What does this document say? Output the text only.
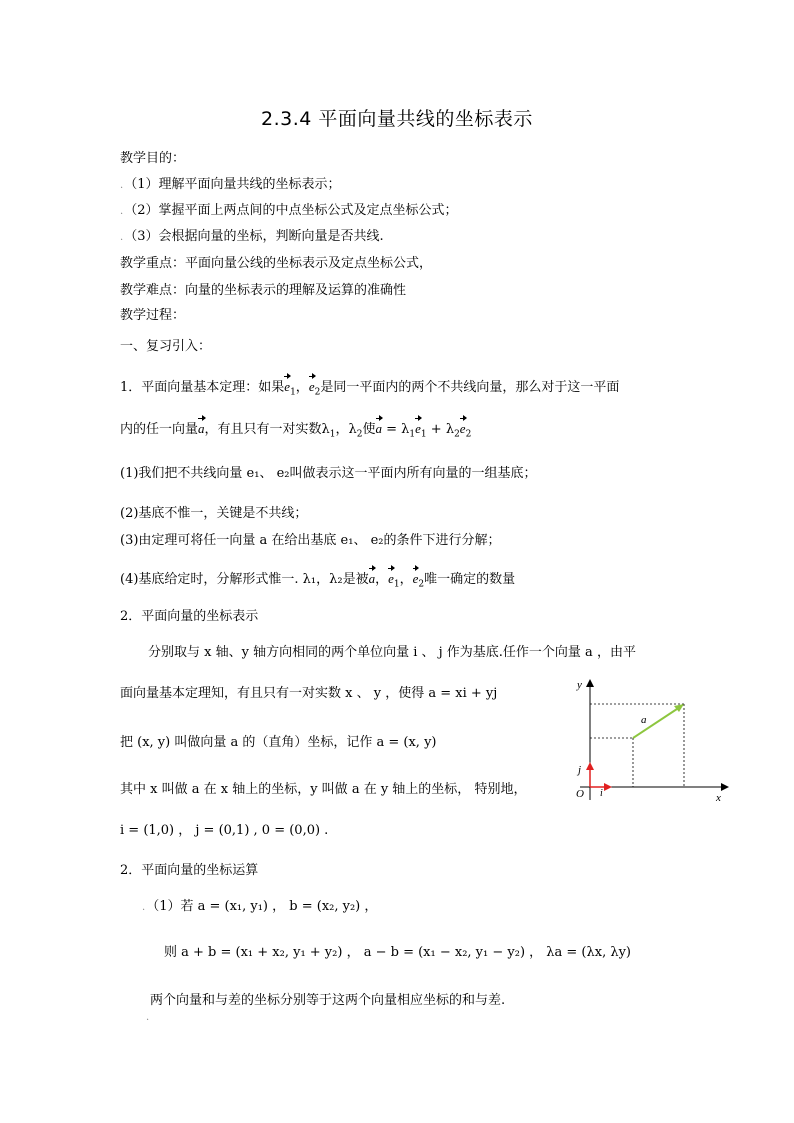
2.3.4 平面向量共线的坐标表示
教学目的：
.（1）理解平面向量共线的坐标表示；
.（2）掌握平面上两点间的中点坐标公式及定点坐标公式；
.（3）会根据向量的坐标，判断向量是否共线.
教学重点：平面向量公线的坐标表示及定点坐标公式，
教学难点：向量的坐标表示的理解及运算的准确性
教学过程：
一、复习引入：
1．平面向量基本定理：如果$e_1$，$e_2$是同一平面内的两个不共线向量，那么对于这一平面
内的任一向量a，有且只有一对实数$\lambda_1$，$\lambda_2$使$a = \lambda_1e_1 + \lambda_2e_2$
(1)我们把不共线向量 e₁、 e₂叫做表示这一平面内所有向量的一组基底；
(2)基底不惟一，关键是不共线；
(3)由定理可将任一向量 a 在给出基底 e₁、 e₂的条件下进行分解；
(4)基底给定时，分解形式惟一. λ₁，λ₂是被a，$e_1$，$e_2$唯一确定的数量
2．平面向量的坐标表示
分别取与 x 轴、y 轴方向相同的两个单位向量 i 、 j 作为基底.任作一个向量 a ，由平
面向量基本定理知，有且只有一对实数 x 、 y ，使得 a = xi + yj
把 (x, y) 叫做向量 a 的（直角）坐标，记作 a = (x, y)
其中 x 叫做 a 在 x 轴上的坐标，y 叫做 a 在 y 轴上的坐标， 特别地，
i = (1,0) ， j = (0,1) , 0 = (0,0) .
2．平面向量的坐标运算
.（1）若 a = (x₁, y₁) ， b = (x₂, y₂) ，
则 a + b = (x₁ + x₂, y₁ + y₂) ， a − b = (x₁ − x₂, y₁ − y₂) ， λa = (λx, λy)
两个向量和与差的坐标分别等于这两个向量相应坐标的和与差.
.
y
x
O
j
i
a
